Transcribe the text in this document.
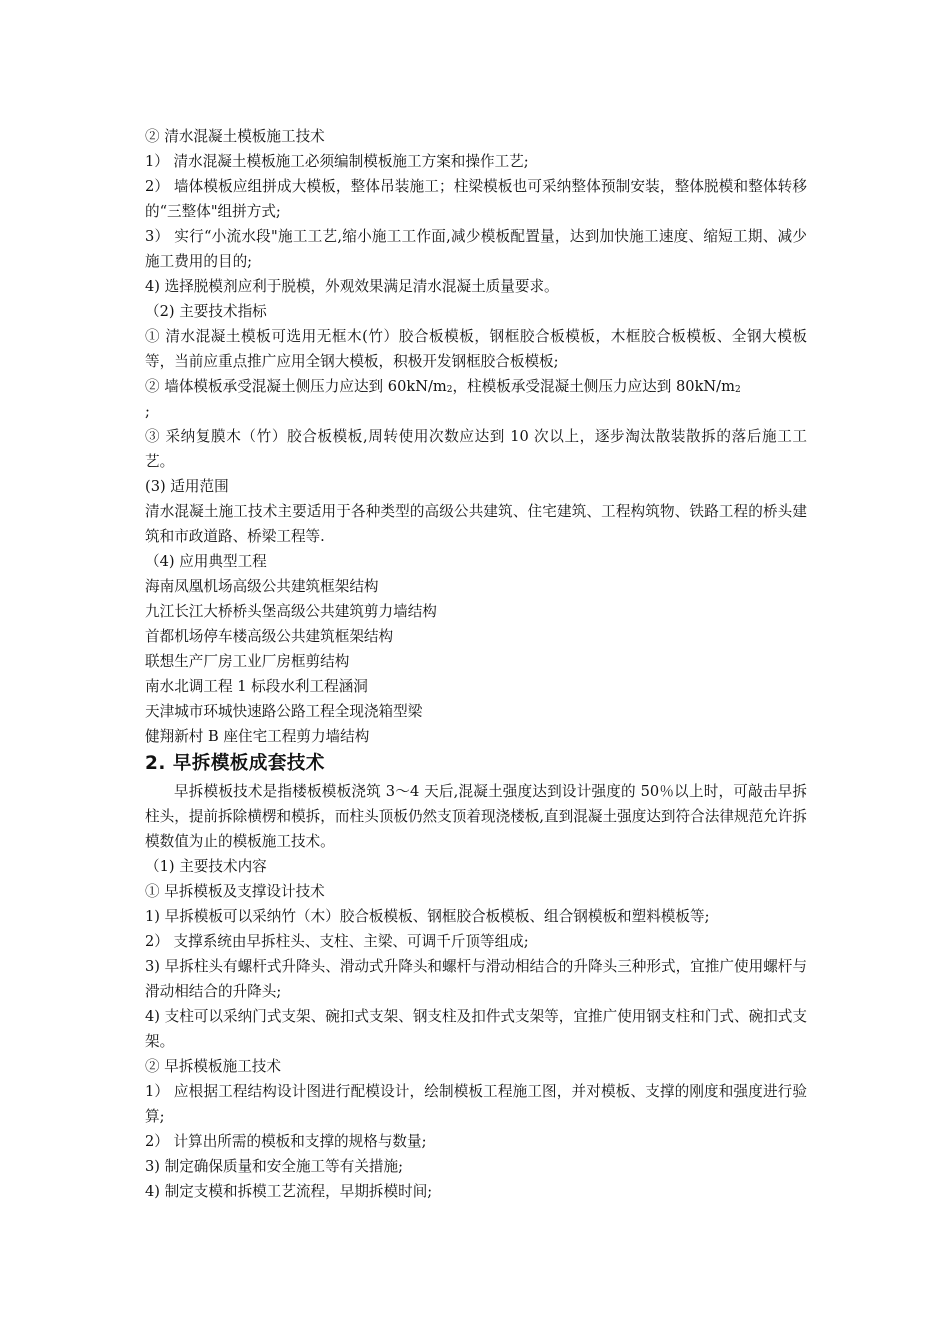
② 清水混凝土模板施工技术

1） 清水混凝土模板施工必须编制模板施工方案和操作工艺;

2） 墙体模板应组拼成大模板，整体吊装施工；柱梁模板也可采纳整体预制安装，整体脱模和整体转移的“三整体"组拼方式;

3） 实行“小流水段"施工工艺,缩小施工工作面,减少模板配置量，达到加快施工速度、缩短工期、减少施工费用的目的;

4) 选择脱模剂应利于脱模，外观效果满足清水混凝土质量要求。

（2) 主要技术指标

① 清水混凝土模板可选用无框木(竹）胶合板模板，钢框胶合板模板，木框胶合板模板、全钢大模板等，当前应重点推广应用全钢大模板，积极开发钢框胶合板模板;

② 墙体模板承受混凝土侧压力应达到 $60kN/m_2$，柱模板承受混凝土侧压力应达到 $80kN/m_2$
;

③ 采纳复膜木（竹）胶合板模板,周转使用次数应达到 10 次以上，逐步淘汰散装散拆的落后施工工艺。

(3) 适用范围

清水混凝土施工技术主要适用于各种类型的高级公共建筑、住宅建筑、工程构筑物、铁路工程的桥头建筑和市政道路、桥梁工程等.

（4) 应用典型工程

海南凤凰机场高级公共建筑框架结构

九江长江大桥桥头堡高级公共建筑剪力墙结构

首都机场停车楼高级公共建筑框架结构

联想生产厂房工业厂房框剪结构

南水北调工程 1 标段水利工程涵洞

天津城市环城快速路公路工程全现浇箱型梁

健翔新村 B 座住宅工程剪力墙结构

2. 早拆模板成套技术

早拆模板技术是指楼板模板浇筑 3～4 天后,混凝土强度达到设计强度的 50％以上时，可敲击早拆柱头，提前拆除横楞和模拆，而柱头顶板仍然支顶着现浇楼板,直到混凝土强度达到符合法律规范允许拆模数值为止的模板施工技术。

（1) 主要技术内容

① 早拆模板及支撑设计技术

1) 早拆模板可以采纳竹（木）胶合板模板、钢框胶合板模板、组合钢模板和塑料模板等;

2） 支撑系统由早拆柱头、支柱、主梁、可调千斤顶等组成;

3) 早拆柱头有螺杆式升降头、滑动式升降头和螺杆与滑动相结合的升降头三种形式，宜推广使用螺杆与滑动相结合的升降头;

4) 支柱可以采纳门式支架、碗扣式支架、钢支柱及扣件式支架等，宜推广使用钢支柱和门式、碗扣式支架。

② 早拆模板施工技术

1） 应根据工程结构设计图进行配模设计，绘制模板工程施工图，并对模板、支撑的刚度和强度进行验算;

2） 计算出所需的模板和支撑的规格与数量;

3) 制定确保质量和安全施工等有关措施;

4) 制定支模和拆模工艺流程，早期拆模时间;
